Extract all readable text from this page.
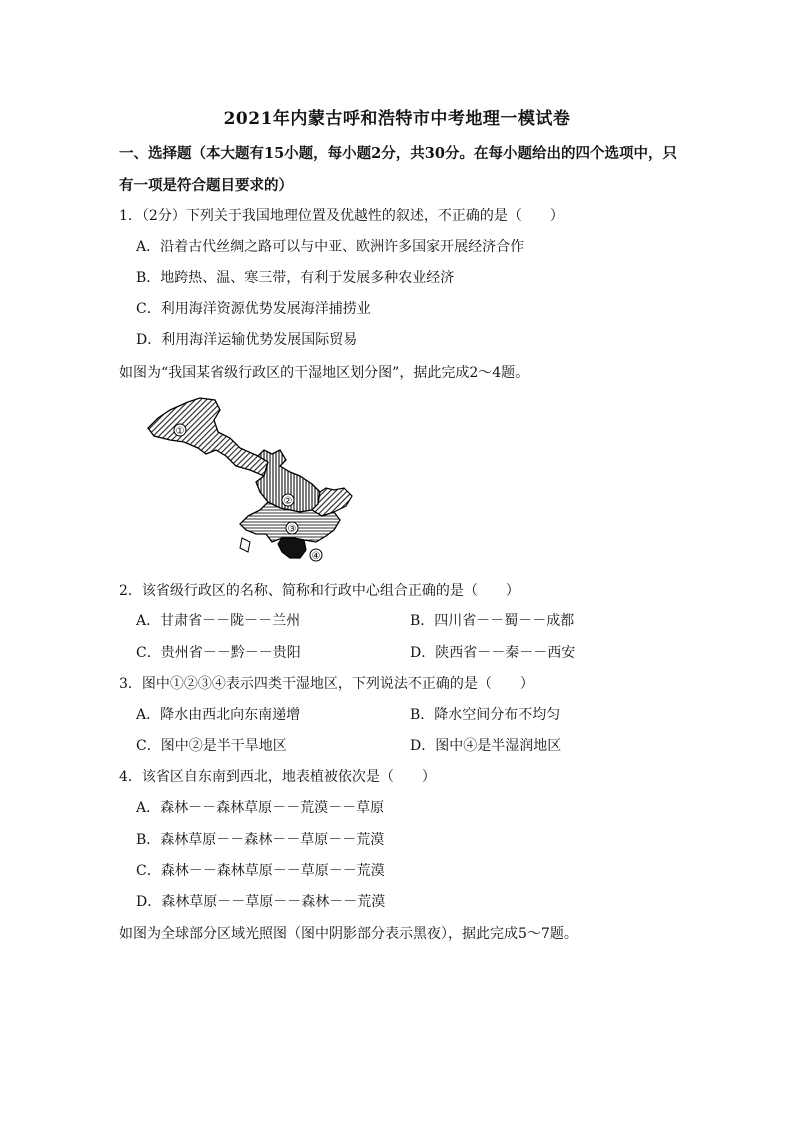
2021年内蒙古呼和浩特市中考地理一模试卷
一、选择题（本大题有15小题，每小题2分，共30分。在每小题给出的四个选项中，只
有一项是符合题目要求的）
1．（2分）下列关于我国地理位置及优越性的叙述，不正确的是（　　）
A．沿着古代丝绸之路可以与中亚、欧洲许多国家开展经济合作
B．地跨热、温、寒三带，有利于发展多种农业经济
C．利用海洋资源优势发展海洋捕捞业
D．利用海洋运输优势发展国际贸易
如图为“我国某省级行政区的干湿地区划分图”，据此完成2～4题。
①
②
③
④
2．该省级行政区的名称、简称和行政中心组合正确的是（　　）
A．甘肃省－－陇－－兰州	B．四川省－－蜀－－成都
C．贵州省－－黔－－贵阳	D．陕西省－－秦－－西安
3．图中①②③④表示四类干湿地区，下列说法不正确的是（　　）
A．降水由西北向东南递增	B．降水空间分布不均匀
C．图中②是半干旱地区	D．图中④是半湿润地区
4．该省区自东南到西北，地表植被依次是（　　）
A．森林－－森林草原－－荒漠－－草原
B．森林草原－－森林－－草原－－荒漠
C．森林－－森林草原－－草原－－荒漠
D．森林草原－－草原－－森林－－荒漠
如图为全球部分区域光照图（图中阴影部分表示黑夜），据此完成5～7题。
